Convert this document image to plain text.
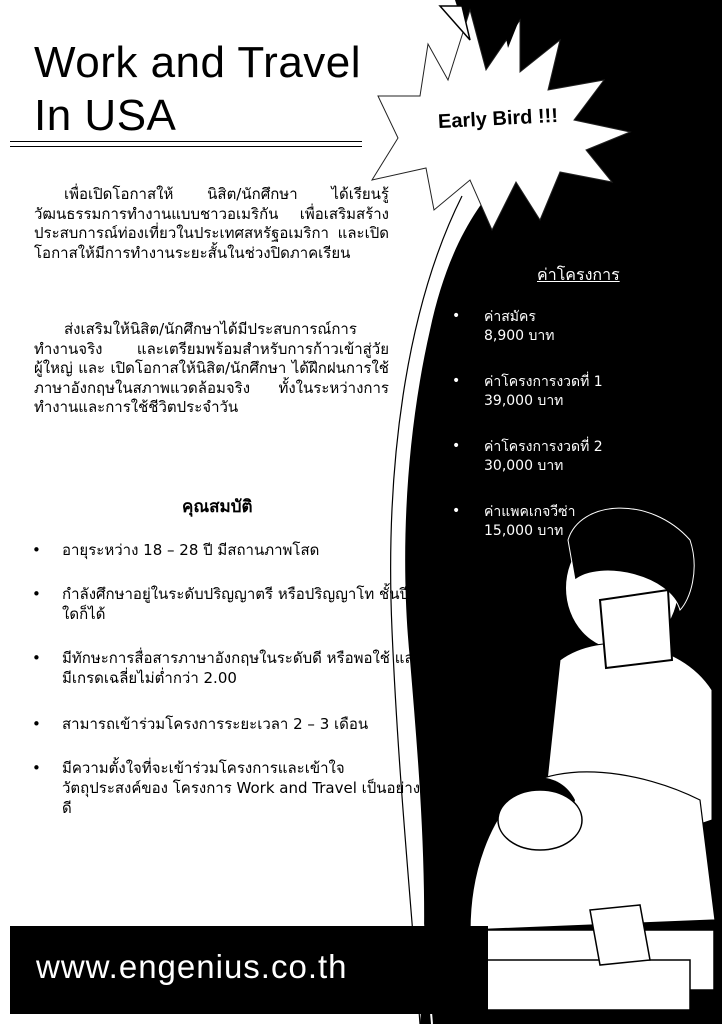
Work and Travel
In USA	Early Bird !!!

เพื่อเปิดโอกาสให้ นิสิต/นักศึกษา ได้เรียนรู้วัฒนธรรมการทำงานแบบชาวอเมริกัน เพื่อเสริมสร้างประสบการณ์ท่องเที่ยวในประเทศสหรัฐอเมริกา และเปิดโอกาสให้มีการทำงานระยะสั้นในช่วงปิดภาคเรียน

ส่งเสริมให้นิสิต/นักศึกษาได้มีประสบการณ์การทำงานจริง และเตรียมพร้อมสำหรับการก้าวเข้าสู่วัยผู้ใหญ่ และ เปิดโอกาสให้นิสิต/นักศึกษา ได้ฝึกฝนการใช้ภาษาอังกฤษในสภาพแวดล้อมจริง ทั้งในระหว่างการทำงานและการใช้ชีวิตประจำวัน

คุณสมบัติ
• อายุระหว่าง 18 – 28 ปี มีสถานภาพโสด
• กำลังศึกษาอยู่ในระดับปริญญาตรี หรือปริญญาโท ชั้นปีใดก็ได้
• มีทักษะการสื่อสารภาษาอังกฤษในระดับดี หรือพอใช้ และมีเกรดเฉลี่ยไม่ต่ำกว่า 2.00
• สามารถเข้าร่วมโครงการระยะเวลา 2 – 3 เดือน
• มีความตั้งใจที่จะเข้าร่วมโครงการและเข้าใจวัตถุประสงค์ของ โครงการ Work and Travel เป็นอย่างดี
ค่าโครงการ
• ค่าสมัคร
8,900 บาท
• ค่าโครงการงวดที่ 1
39,000 บาท
• ค่าโครงการงวดที่ 2
30,000 บาท
• ค่าแพคเกจวีซ่า
15,000 บาท
www.engenius.co.th
